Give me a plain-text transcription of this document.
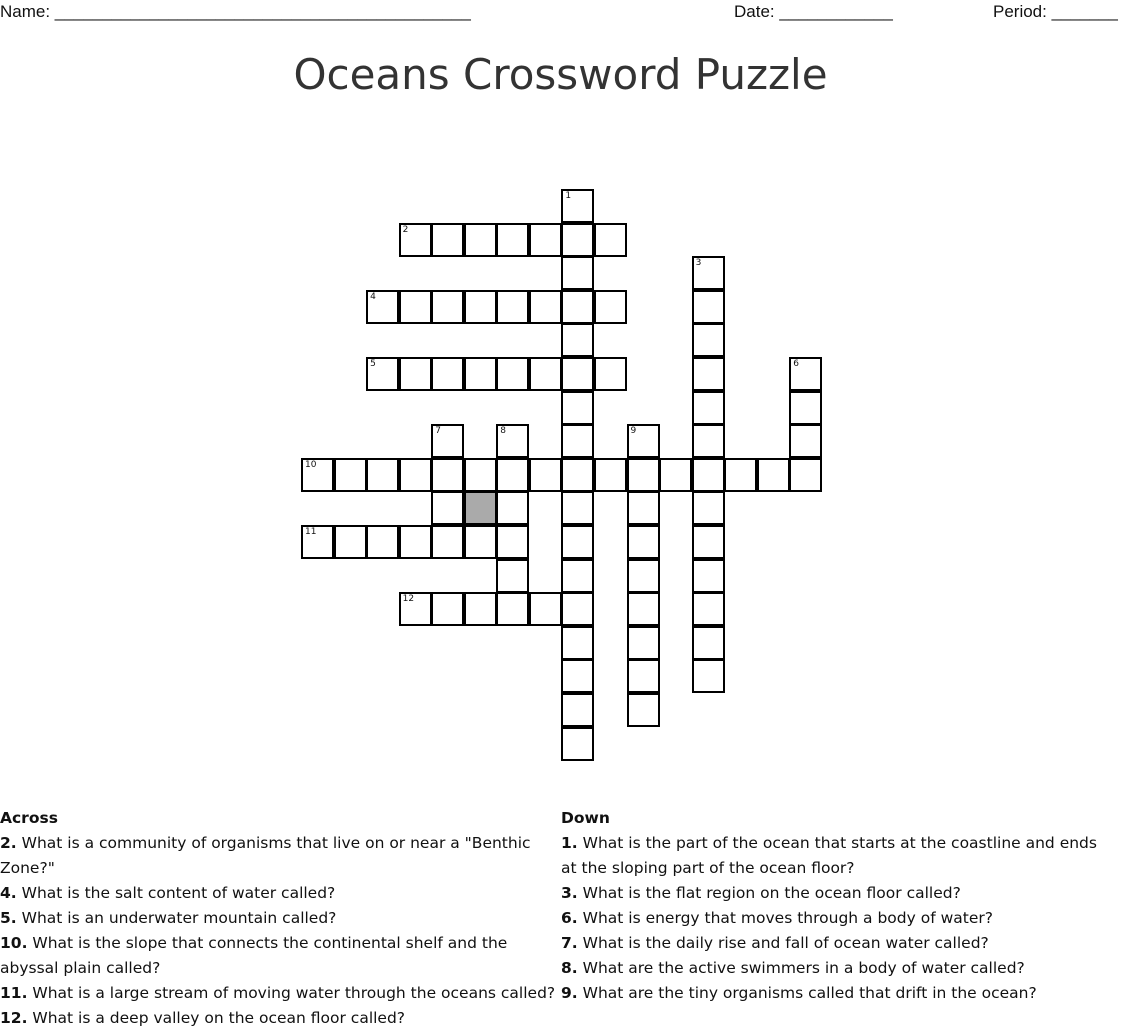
Name: ____________________________________________	Date: ____________	Period: _______
Oceans Crossword Puzzle
1
2
3
4
5	6
7	8	9
10
11
12
Across
2. What is a community of organisms that live on or near a "Benthic Zone?"
4. What is the salt content of water called?
5. What is an underwater mountain called?
10. What is the slope that connects the continental shelf and the abyssal plain called?
11. What is a large stream of moving water through the oceans called?
12. What is a deep valley on the ocean floor called?
Down
1. What is the part of the ocean that starts at the coastline and ends at the sloping part of the ocean floor?
3. What is the flat region on the ocean floor called?
6. What is energy that moves through a body of water?
7. What is the daily rise and fall of ocean water called?
8. What are the active swimmers in a body of water called?
9. What are the tiny organisms called that drift in the ocean?
